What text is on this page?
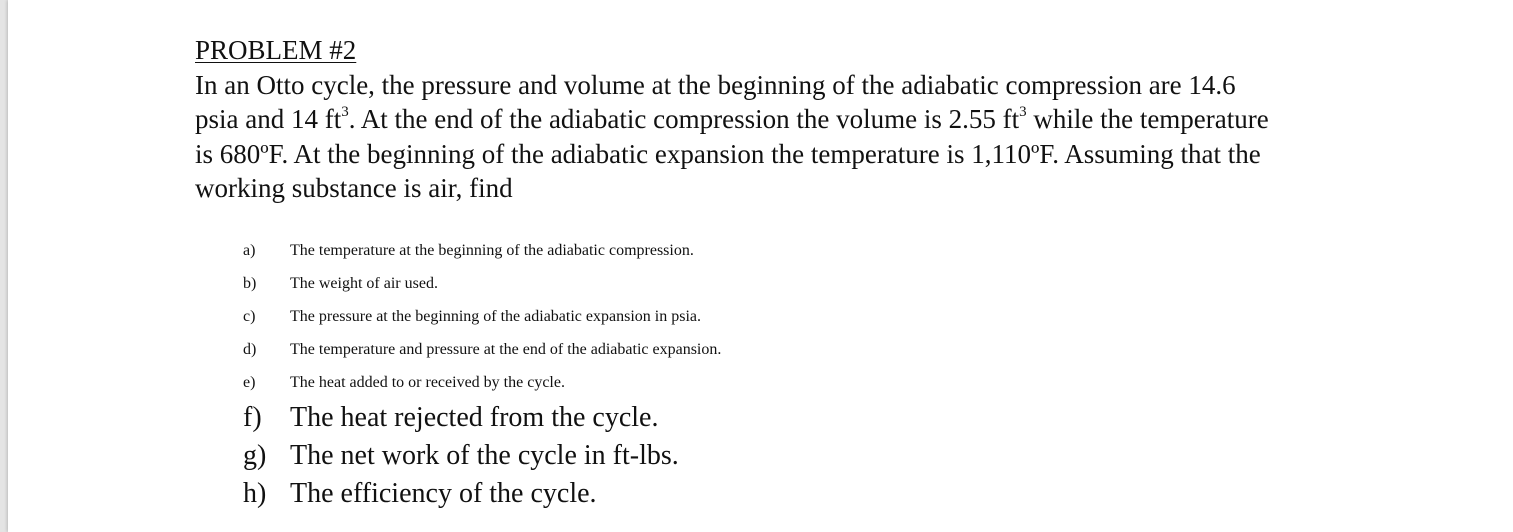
PROBLEM #2

In an Otto cycle, the pressure and volume at the beginning of the adiabatic compression are 14.6

psia and 14 $ft^3$. At the end of the adiabatic compression the volume is 2.55 $ft^3$ while the temperature

is 680ºF. At the beginning of the adiabatic expansion the temperature is 1,110ºF. Assuming that the

working substance is air, find

a) The temperature at the beginning of the adiabatic compression.
b) The weight of air used.
c) The pressure at the beginning of the adiabatic expansion in psia.
d) The temperature and pressure at the end of the adiabatic expansion.
e) The heat added to or received by the cycle.
f) The heat rejected from the cycle.
g) The net work of the cycle in ft-lbs.
h) The efficiency of the cycle.
